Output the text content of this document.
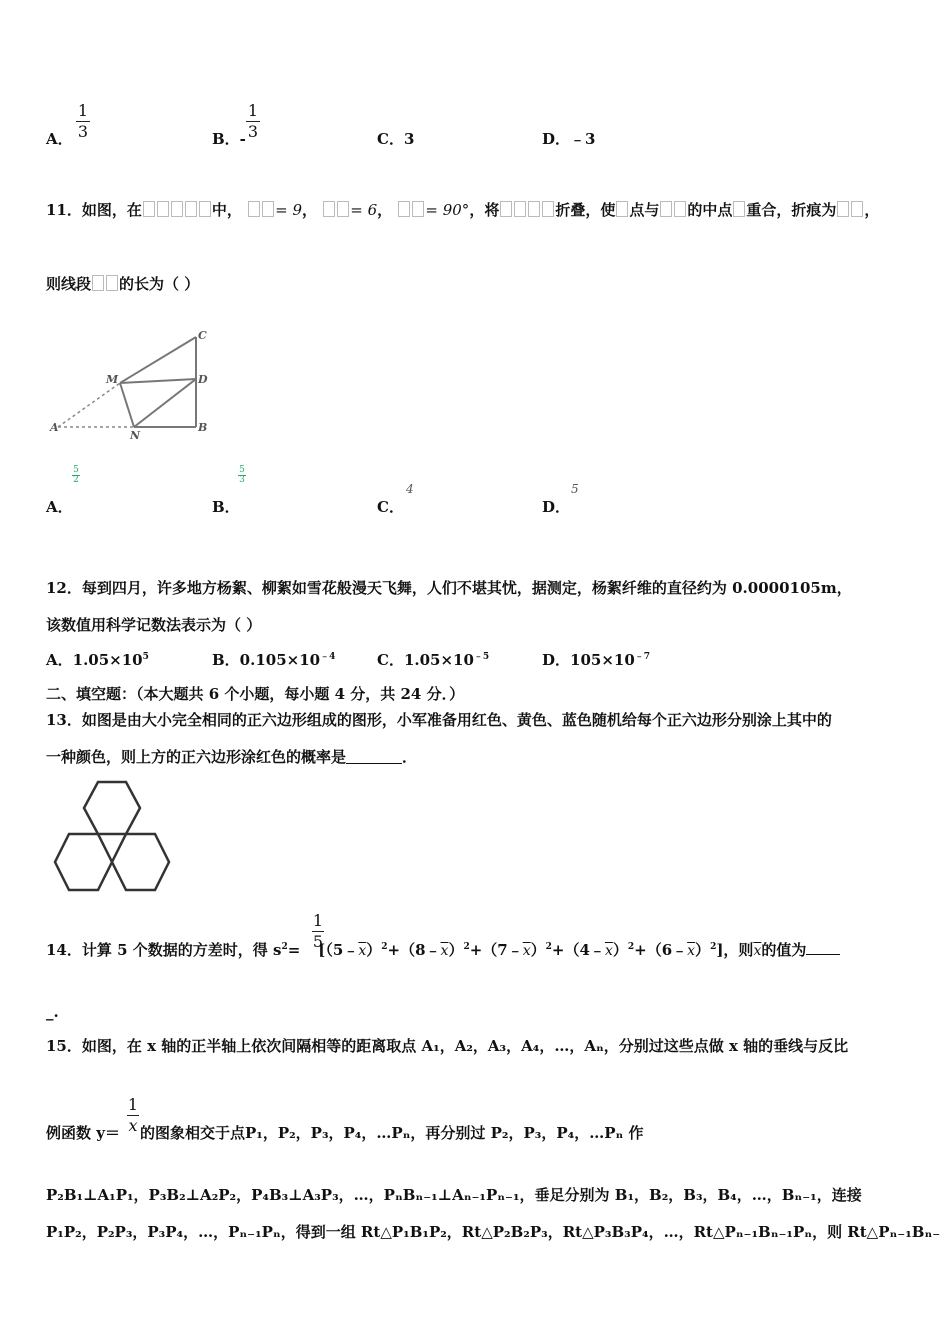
A．
1
3	B．-
1
3	C．3	D．﹣3
11．如图，在	中， = 9， = 6， = 90°，将	折叠，使 点与 的中点 重合，折痕为 ，
则线段 的长为（ ）
C
M	D
A
N
B
A．
5
2
B．
5
3
C．
4
D．
5
12．每到四月，许多地方杨絮、柳絮如雪花般漫天飞舞，人们不堪其忧，据测定，杨絮纤维的直径约为 0.0000105m，
该数值用科学记数法表示为（ ）
A．$1.05\times 10^5$	B．$0.105\times 10^{﹣4}$	C．$1.05\times 10^{﹣5}$	D．$105\times 10^{﹣7}$
二、填空题：（本大题共 6 个小题，每小题 4 分，共 24 分．）
13．如图是由大小完全相同的正六边形组成的图形，小军准备用红色、黄色、蓝色随机给每个正六边形分别涂上其中的
一种颜色，则上方的正六边形涂红色的概率是	．
1
5
14．计算 5 个数据的方差时，得 $s^2=$ $[(5﹣\overline{x})^2+(8﹣\overline{x})^2+(7﹣\overline{x})^2+(4﹣\overline{x})^2+(6﹣\overline{x})^2]$，则$\overline{x}$的值为
_.
15．如图，在 x 轴的正半轴上依次间隔相等的距离取点 A₁，A₂，A₃，A₄，…，Aₙ，分别过这些点做 x 轴的垂线与反比
1
x
例函数 y＝ 的图象相交于点P₁，P₂，P₃，P₄，…Pₙ，再分别过 P₂，P₃，P₄，…Pₙ 作
P₂B₁⊥A₁P₁，P₃B₂⊥A₂P₂，P₄B₃⊥A₃P₃，…，PₙBₙ₋₁⊥Aₙ₋₁Pₙ₋₁，垂足分别为 B₁，B₂，B₃，B₄，…，Bₙ₋₁，连接
P₁P₂，P₂P₃，P₃P₄，…，Pₙ₋₁Pₙ，得到一组 Rt△P₁B₁P₂，Rt△P₂B₂P₃，Rt△P₃B₃P₄，…，Rt△Pₙ₋₁Bₙ₋₁Pₙ，则 Rt△Pₙ₋₁Bₙ₋
